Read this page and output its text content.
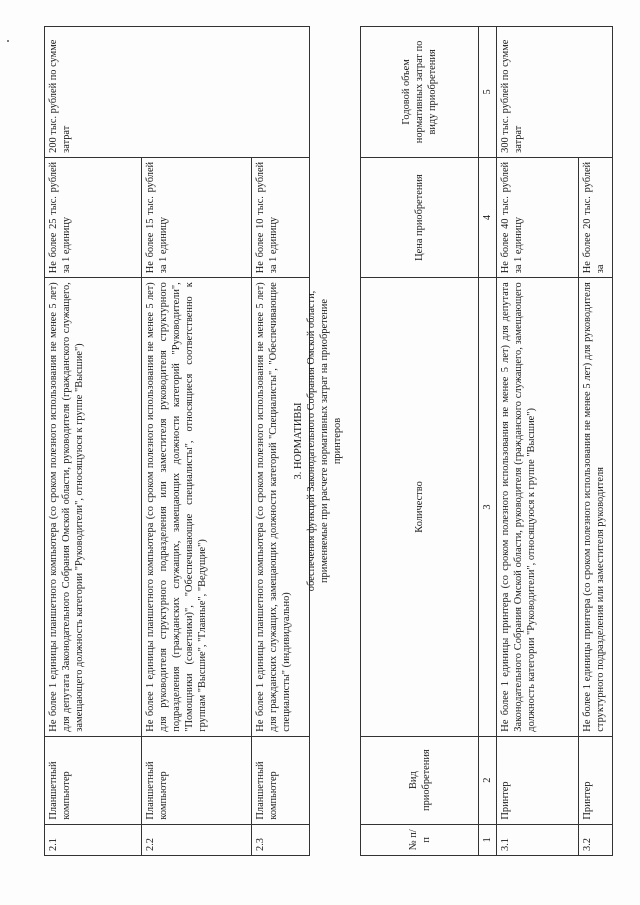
2.1	Планшетный компьютер	Не более 1 единицы планшетного компьютера (со сроком полезного использования не менее 5 лет) для депутата Законодательного Собрания Омской области, руководителя (гражданского служащего, замещающего должность категории "Руководители", относящуюся к группе "Высшие")	Не более 25 тыс. рублей за 1 единицу	200 тыс. рублей по сумме затрат
2.2	Планшетный компьютер	Не более 1 единицы планшетного компьютера (со сроком полезного использования не менее 5 лет) для руководителя структурного подразделения или заместителя руководителя структурного подразделения (гражданских служащих, замещающих должности категорий "Руководители", "Помощники (советники)", "Обеспечивающие специалисты", относящиеся соответственно к группам "Высшие", "Главные", "Ведущие")	Не более 15 тыс. рублей за 1 единицу	
2.3	Планшетный компьютер	Не более 1 единицы планшетного компьютера (со сроком полезного использования не менее 5 лет) для гражданских служащих, замещающих должности категорий "Специалисты", "Обеспечивающие специалисты" (индивидуально)	Не более 10 тыс. рублей за 1 единицу	
3. НОРМАТИВЫ обеспечения функций Законодательного Собрания Омской области, применяемые при расчете нормативных затрат на приобретение принтеров
№ п/п	Вид приобретения	Количество	Цена приобретения	Годовой объем нормативных затрат по виду приобретения
1	2	3	4	5
3.1	Принтер	Не более 1 единицы принтера (со сроком полезного использования не менее 5 лет) для депутата Законодательного Собрания Омской области, руководителя (гражданского служащего, замещающего должность категории "Руководители", относящуюся к группе "Высшие")	Не более 40 тыс. рублей за 1 единицу	300 тыс. рублей по сумме затрат
3.2	Принтер	Не более 1 единицы принтера (со сроком полезного использования не менее 5 лет) для руководителя структурного подразделения или заместителя руководителя	Не более 20 тыс. рублей за	
